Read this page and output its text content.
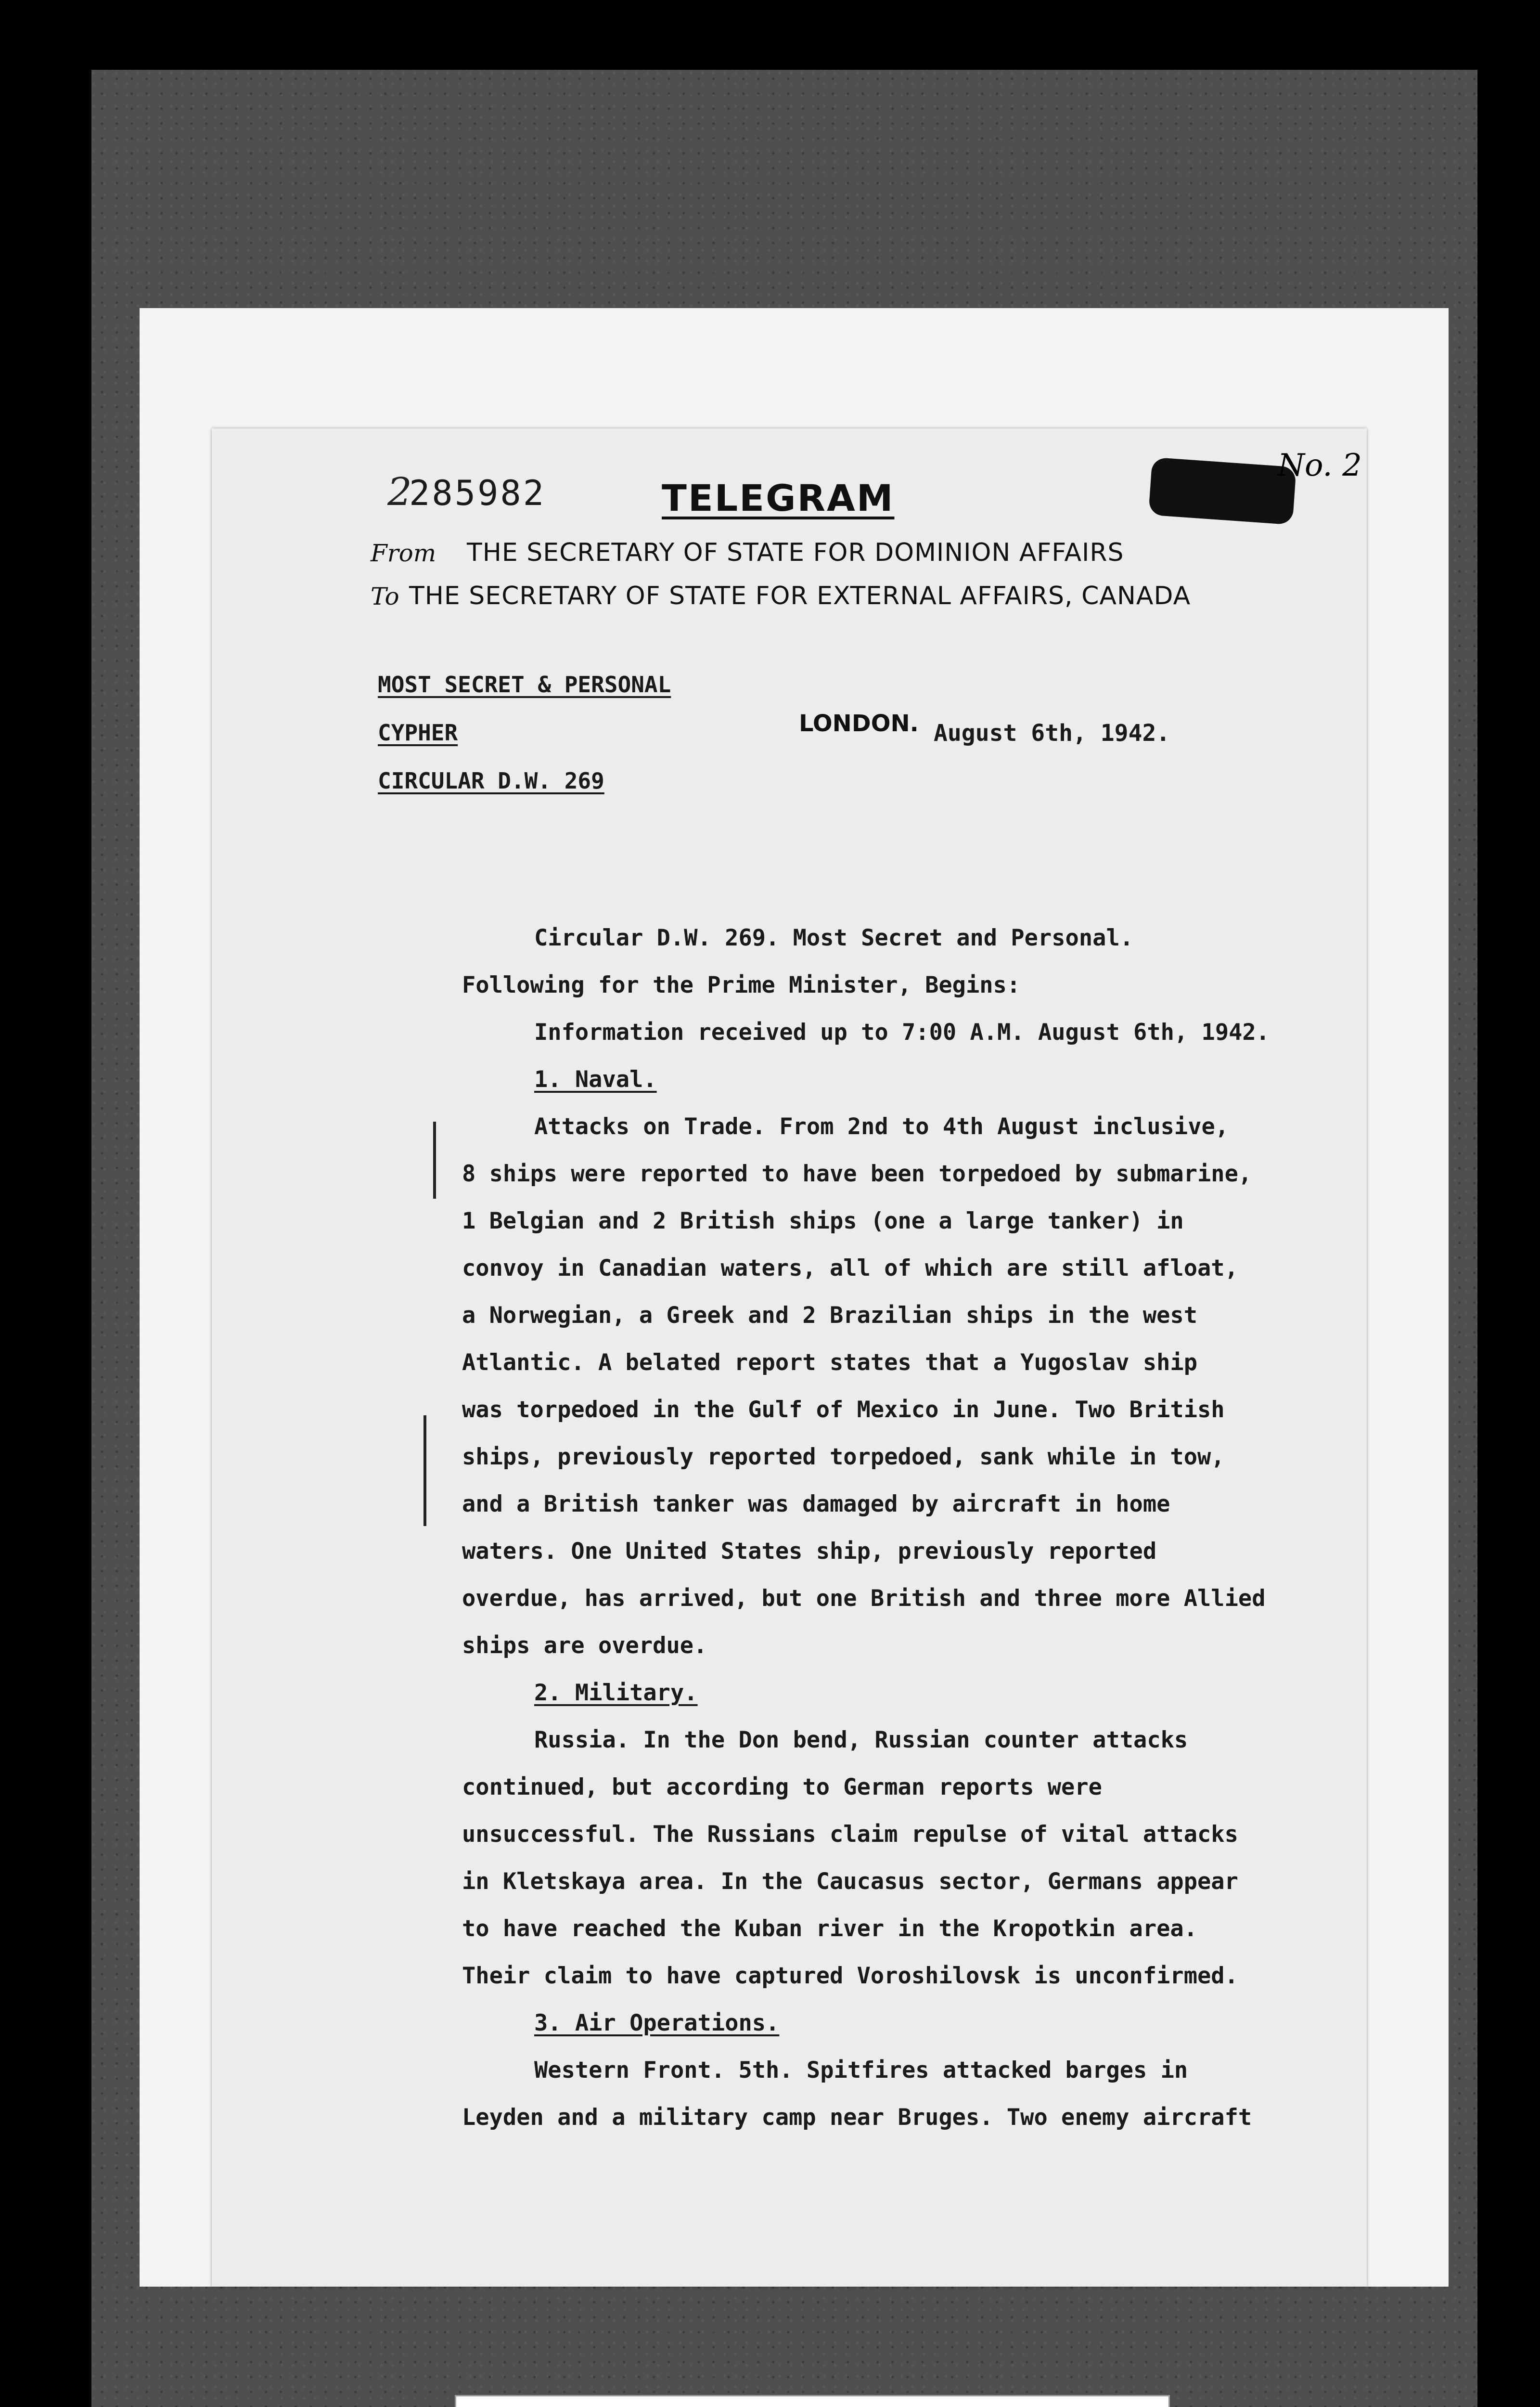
2
285982	TELEGRAM
No. 2
From THE SECRETARY OF STATE FOR DOMINION AFFAIRS
To THE SECRETARY OF STATE FOR EXTERNAL AFFAIRS, CANADA
MOST SECRET & PERSONAL
CYPHER
CIRCULAR D.W. 269
LONDON. August 6th, 1942.
Circular D.W. 269. Most Secret and Personal.
Following for the Prime Minister, Begins:
Information received up to 7:00 A.M. August 6th, 1942.
1. Naval.
Attacks on Trade. From 2nd to 4th August inclusive,
8 ships were reported to have been torpedoed by submarine,
1 Belgian and 2 British ships (one a large tanker) in
convoy in Canadian waters, all of which are still afloat,
a Norwegian, a Greek and 2 Brazilian ships in the west
Atlantic. A belated report states that a Yugoslav ship
was torpedoed in the Gulf of Mexico in June. Two British
ships, previously reported torpedoed, sank while in tow,
and a British tanker was damaged by aircraft in home
waters. One United States ship, previously reported
overdue, has arrived, but one British and three more Allied
ships are overdue.
2. Military.
Russia. In the Don bend, Russian counter attacks
continued, but according to German reports were
unsuccessful. The Russians claim repulse of vital attacks
in Kletskaya area. In the Caucasus sector, Germans appear
to have reached the Kuban river in the Kropotkin area.
Their claim to have captured Voroshilovsk is unconfirmed.
3. Air Operations.
Western Front. 5th. Spitfires attacked barges in
Leyden and a military camp near Bruges. Two enemy aircraft
